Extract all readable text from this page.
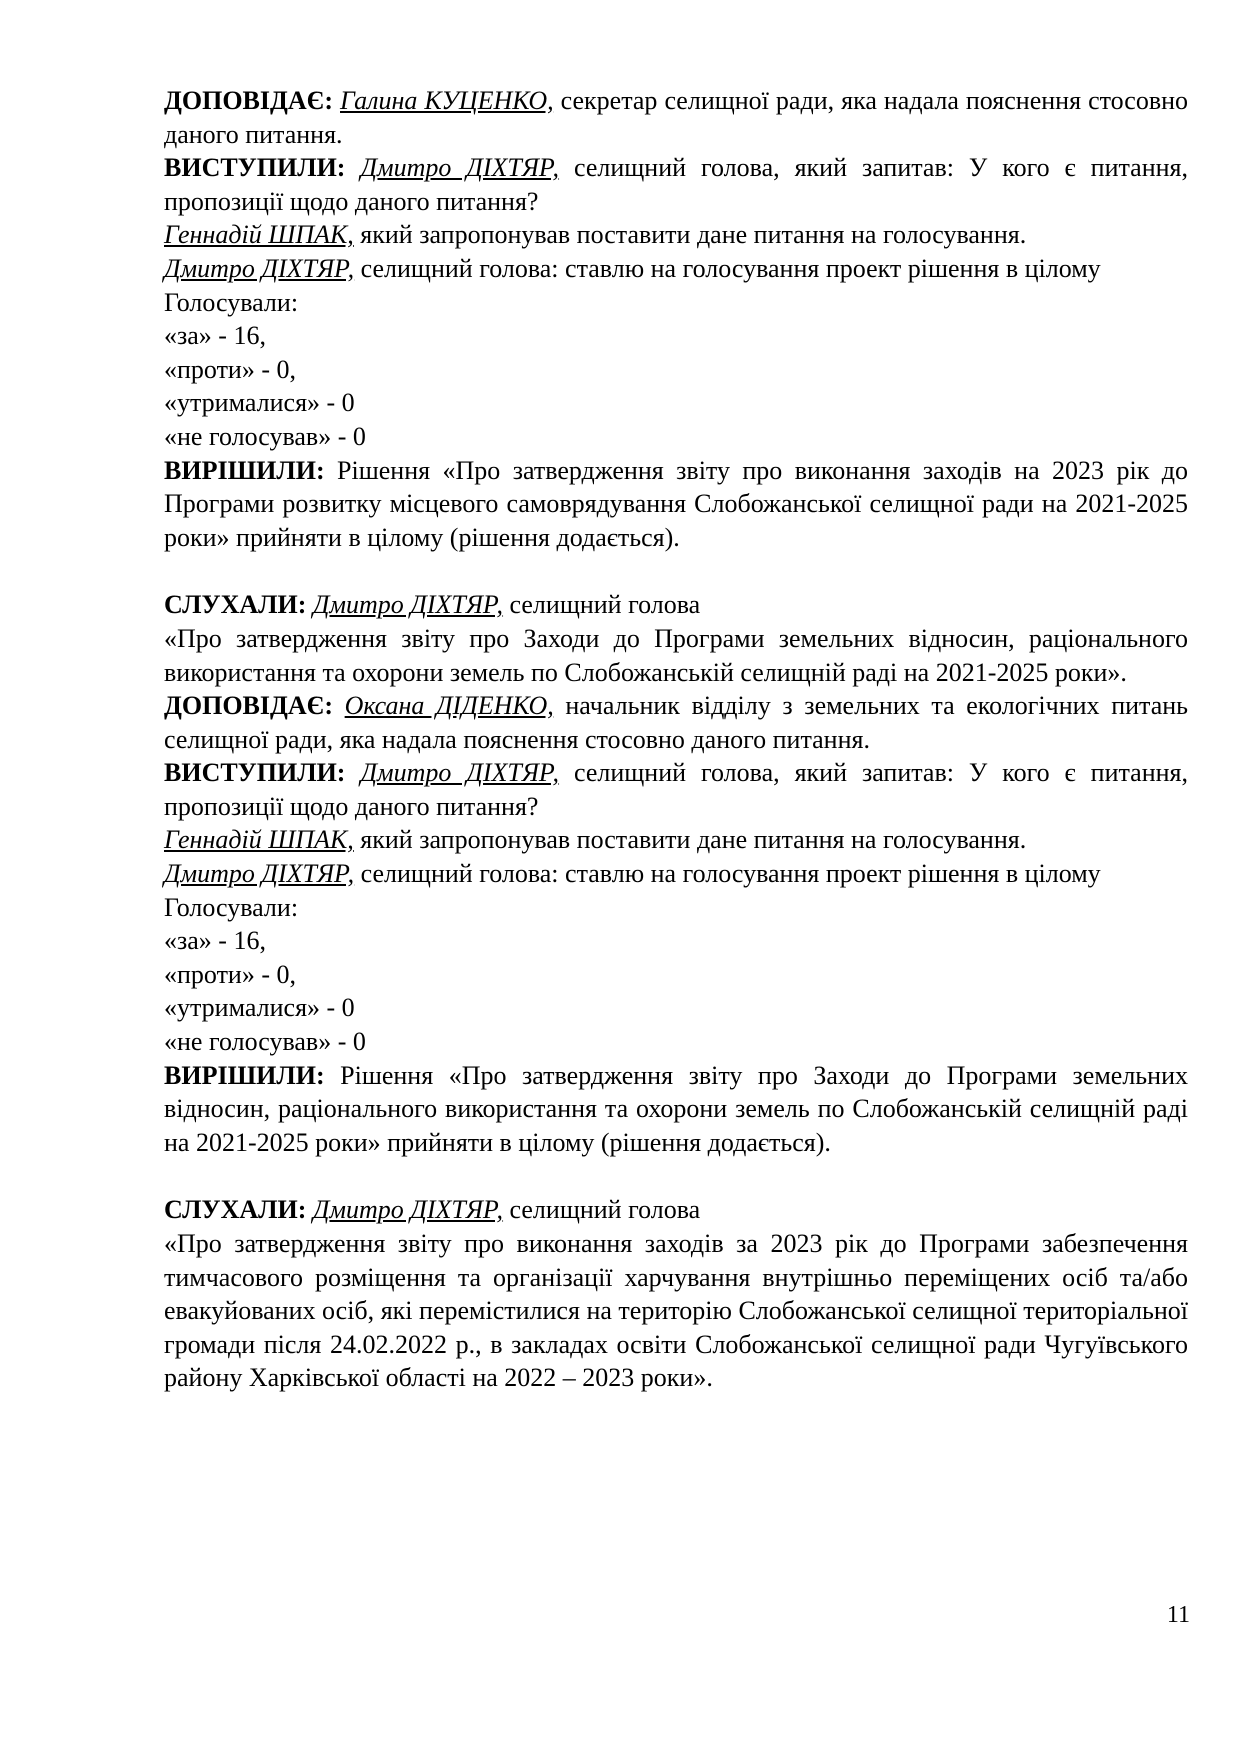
ДОПОВІДАЄ: Галина КУЦЕНКО, секретар селищної ради, яка надала пояснення стосовно даного питання.

ВИСТУПИЛИ: Дмитро ДІХТЯР, селищний голова, який запитав: У кого є питання, пропозиції щодо даного питання?

Геннадій ШПАК, який запропонував поставити дане питання на голосування.

Дмитро ДІХТЯР, селищний голова: ставлю на голосування проект рішення в цілому

Голосували:

«за» - 16,

«проти» - 0,

«утрималися» - 0

«не голосував» - 0

ВИРІШИЛИ: Рішення «Про затвердження звіту про виконання заходів на 2023 рік до Програми розвитку місцевого самоврядування Слобожанської селищної ради на 2021-2025 роки» прийняти в цілому (рішення додається).

СЛУХАЛИ: Дмитро ДІХТЯР, селищний голова

«Про затвердження звіту про Заходи до Програми земельних відносин, раціонального використання та охорони земель по Слобожанській селищній раді на 2021-2025 роки».

ДОПОВІДАЄ: Оксана ДІДЕНКО, начальник відділу з земельних та екологічних питань селищної ради, яка надала пояснення стосовно даного питання.

ВИСТУПИЛИ: Дмитро ДІХТЯР, селищний голова, який запитав: У кого є питання, пропозиції щодо даного питання?

Геннадій ШПАК, який запропонував поставити дане питання на голосування.

Дмитро ДІХТЯР, селищний голова: ставлю на голосування проект рішення в цілому

Голосували:

«за» - 16,

«проти» - 0,

«утрималися» - 0

«не голосував» - 0

ВИРІШИЛИ: Рішення «Про затвердження звіту про Заходи до Програми земельних відносин, раціонального використання та охорони земель по Слобожанській селищній раді на 2021-2025 роки» прийняти в цілому (рішення додається).

СЛУХАЛИ: Дмитро ДІХТЯР, селищний голова

«Про затвердження звіту про виконання заходів за 2023 рік до Програми забезпечення тимчасового розміщення та організації харчування внутрішньо переміщених осіб та/або евакуйованих осіб, які перемістилися на територію Слобожанської селищної територіальної громади після 24.02.2022 р., в закладах освіти Слобожанської селищної ради Чугуївського району Харківської області на 2022 – 2023 роки».

11
